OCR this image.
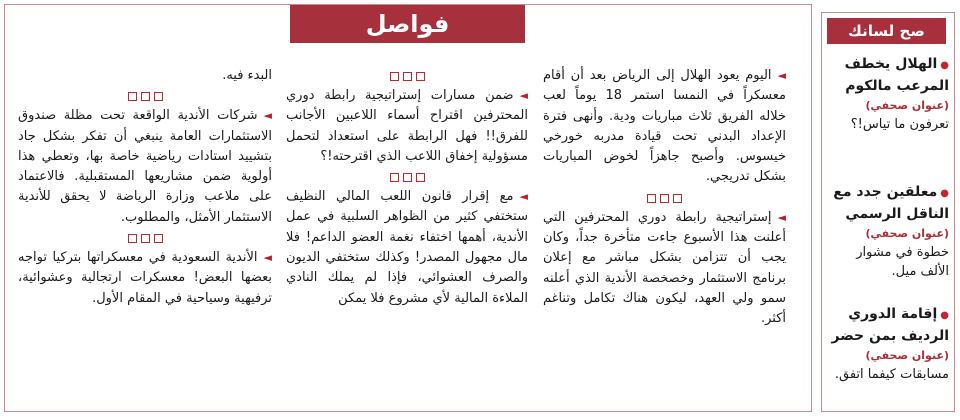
فواصل	صح لسانك

◄اليوم يعود الهلال إلى الرياض بعد أن أقام معسكراً في النمسا استمر 18 يوماً لعب خلاله الفريق ثلاث مباريات ودية. وأنهى فترة الإعداد البدني تحت قيادة مدربه خورخي خيسوس. وأصبح جاهزاً لخوض المباريات بشكل تدريجي.

◄إستراتيجية رابطة دوري المحترفين التي أعلنت هذا الأسبوع جاءت متأخرة جداً، وكان يجب أن تتزامن بشكل مباشر مع إعلان برنامج الاستثمار وخصخصة الأندية الذي أعلنه سمو ولي العهد، ليكون هناك تكامل وتناغم أكثر.

◄ضمن مسارات إستراتيجية رابطة دوري المحترفين اقتراح أسماء اللاعبين الأجانب للفرق!! فهل الرابطة على استعداد لتحمل مسؤولية إخفاق اللاعب الذي اقترحته!؟

◄مع إقرار قانون اللعب المالي النظيف ستختفي كثير من الظواهر السلبية في عمل الأندية، أهمها اختفاء نغمة العضو الداعم! فلا مال مجهول المصدر! وكذلك ستختفي الديون والصرف العشوائي، فإذا لم يملك النادي الملاءة المالية لأي مشروع فلا يمكن

البدء فيه.

◄شركات الأندية الواقعة تحت مظلة صندوق الاستثمارات العامة ينبغي أن تفكر بشكل جاد بتشييد استادات رياضية خاصة بها، وتعطي هذا أولوية ضمن مشاريعها المستقبلية. فالاعتماد على ملاعب وزارة الرياضة لا يحقق للأندية الاستثمار الأمثل، والمطلوب.

◄الأندية السعودية في معسكراتها بتركيا تواجه بعضها البعض! معسكرات ارتجالية وعشوائية، ترفيهية وسياحية في المقام الأول.

●الهلال يخطف المرعب مالكوم
(عنوان صحفي)
تعرفون ما تياس!؟
●معلقين جدد مع الناقل الرسمي
(عنوان صحفي)
خطوة في مشوار الألف ميل.
●إقامة الدوري الرديف بمن حضر
(عنوان صحفي)
مسابقات كيفما اتفق.
